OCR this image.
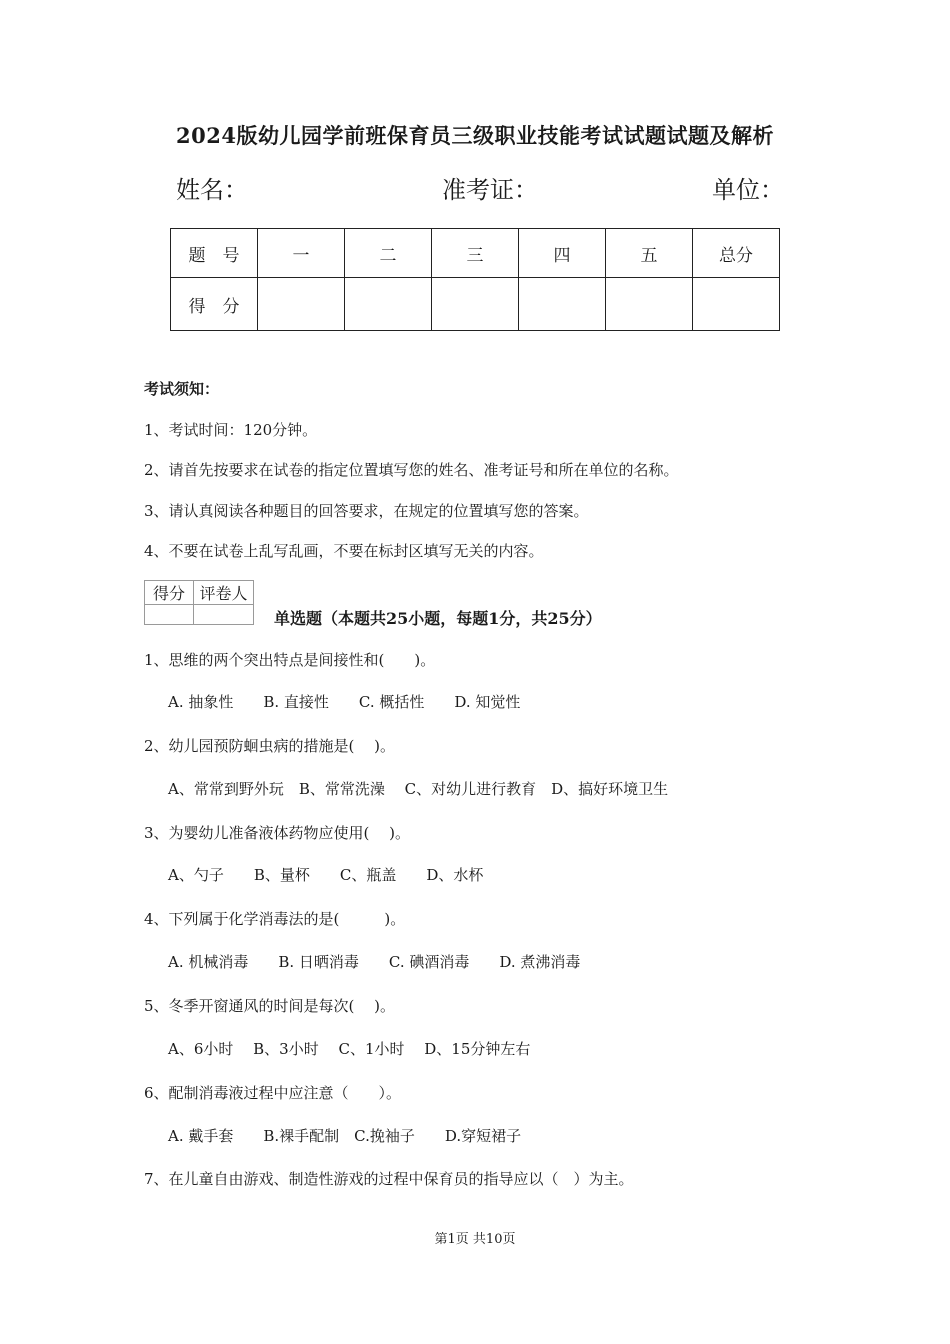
2024版幼儿园学前班保育员三级职业技能考试试题试题及解析
姓名：	准考证：	单位：
题　号	一	二	三	四	五	总分
得　分						
考试须知：
1、考试时间：120分钟。
2、请首先按要求在试卷的指定位置填写您的姓名、准考证号和所在单位的名称。
3、请认真阅读各种题目的回答要求，在规定的位置填写您的答案。
4、不要在试卷上乱写乱画，不要在标封区填写无关的内容。
得分	评卷人

单选题（本题共25小题，每题1分，共25分）
1、思维的两个突出特点是间接性和(　　)。
A. 抽象性　　B. 直接性　　C. 概括性　　D. 知觉性
2、幼儿园预防蛔虫病的措施是(　 )。
A、常常到野外玩　B、常常洗澡　 C、对幼儿进行教育　D、搞好环境卫生
3、为婴幼儿准备液体药物应使用(　 )。
A、勺子　　B、量杯　　C、瓶盖　　D、水杯
4、下列属于化学消毒法的是(　　　)。
A. 机械消毒　　B. 日晒消毒　　C. 碘酒消毒　　D. 煮沸消毒
5、冬季开窗通风的时间是每次(　 )。
A、6小时　 B、3小时　 C、1小时　 D、15分钟左右
6、配制消毒液过程中应注意（　　）。
A. 戴手套　　B.裸手配制　C.挽袖子　　D.穿短裙子
7、在儿童自由游戏、制造性游戏的过程中保育员的指导应以（　）为主。
第1页 共10页
